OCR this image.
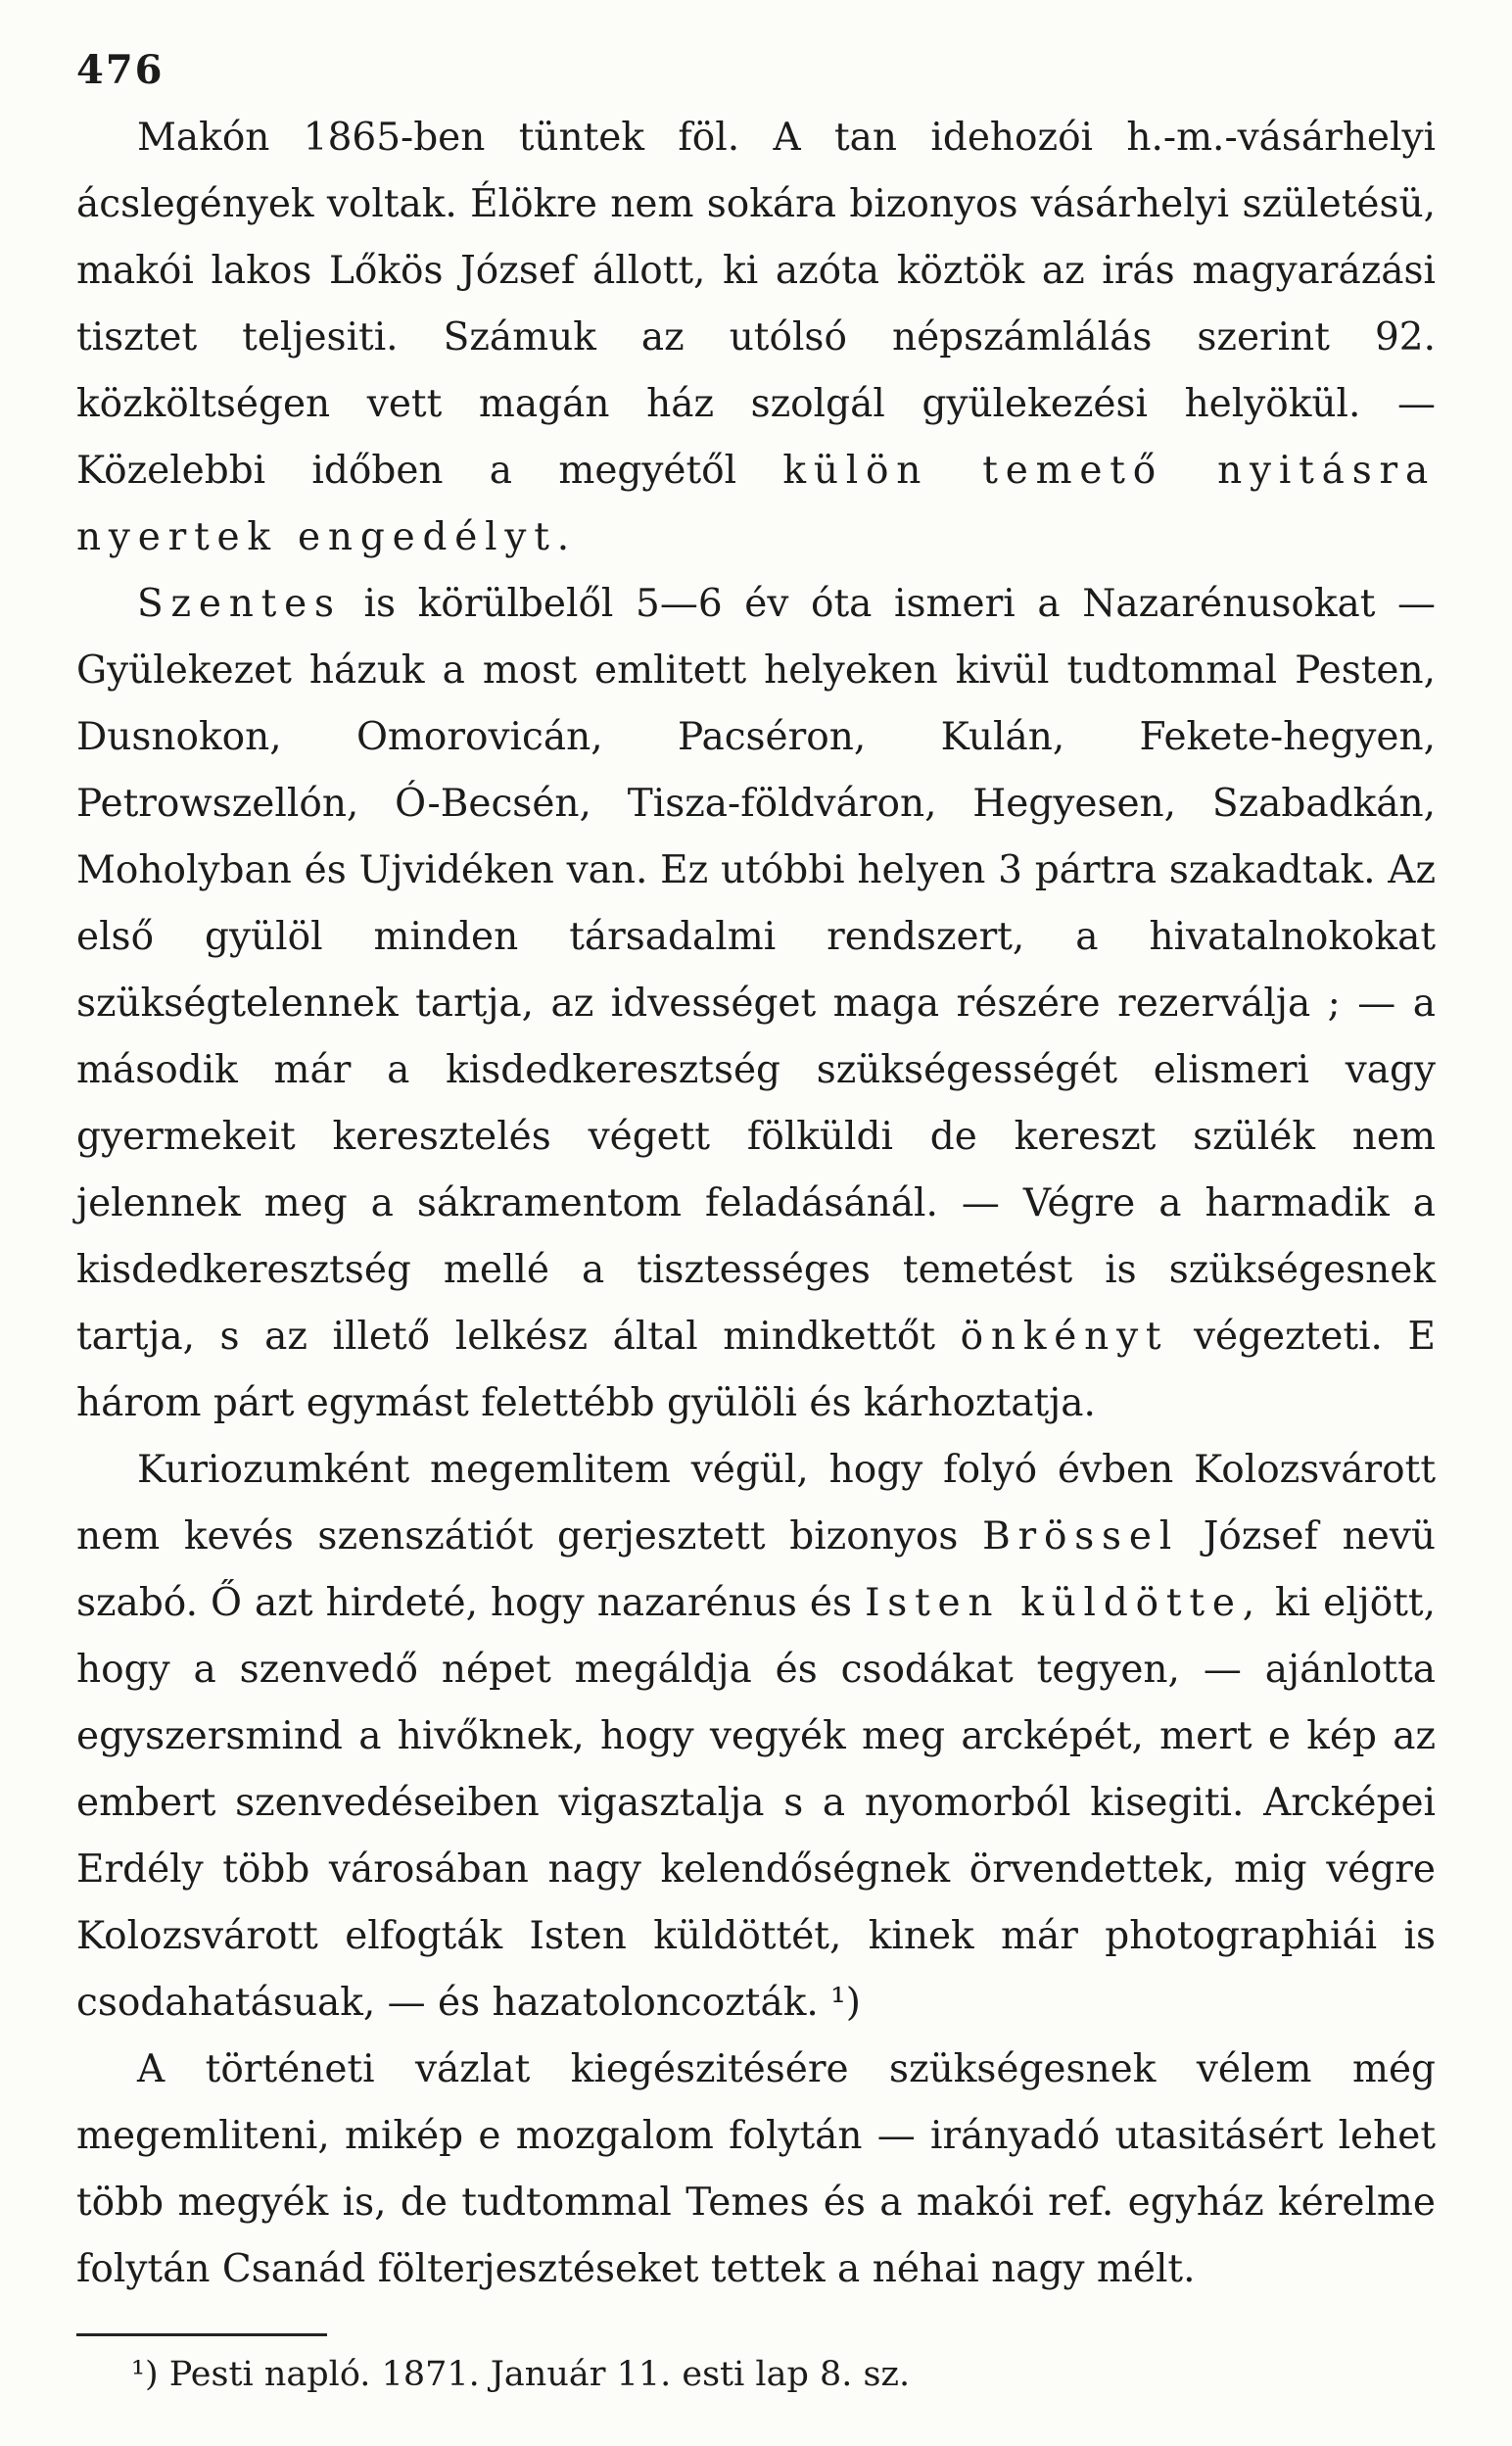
476

Makón 1865-ben tüntek föl. A tan idehozói h.-m.-vásárhelyi ácslegények voltak. Élökre nem sokára bizonyos vásárhelyi születésü, makói lakos Lőkös József állott, ki azóta köztök az irás magyarázási tisztet teljesiti. Számuk az utólsó népszámlálás szerint 92. közköltségen vett magán ház szolgál gyülekezési helyökül. — Közelebbi időben a megyétől külön temető nyitásra nyertek engedélyt.

Szentes is körülbelől 5—6 év óta ismeri a Nazarénusokat — Gyülekezet házuk a most emlitett helyeken kivül tudtommal Pesten, Dusnokon, Omorovicán, Pacséron, Kulán, Fekete-hegyen, Petrowszellón, Ó-Becsén, Tisza-földváron, Hegyesen, Szabadkán, Moholyban és Ujvidéken van. Ez utóbbi helyen 3 pártra szakadtak. Az első gyülöl minden társadalmi rendszert, a hivatalnokokat szükségtelennek tartja, az idvességet maga részére rezerválja ; — a második már a kisdedkeresztség szükségességét elismeri vagy gyermekeit keresztelés végett fölküldi de kereszt szülék nem jelennek meg a sákramentom feladásánál. — Végre a harmadik a kisdedkeresztség mellé a tisztességes temetést is szükségesnek tartja, s az illető lelkész által mindkettőt önkényt végezteti. E három párt egymást felettébb gyülöli és kárhoztatja.

Kuriozumként megemlitem végül, hogy folyó évben Kolozsvárott nem kevés szenszátiót gerjesztett bizonyos Brössel József nevü szabó. Ő azt hirdeté, hogy nazarénus és Isten küldötte, ki eljött, hogy a szenvedő népet megáldja és csodákat tegyen, — ajánlotta egyszersmind a hivőknek, hogy vegyék meg arcképét, mert e kép az embert szenvedéseiben vigasztalja s a nyomorból kisegiti. Arcképei Erdély több városában nagy kelendőségnek örvendettek, mig végre Kolozsvárott elfogták Isten küldöttét, kinek már photographiái is csodahatásuak, — és hazatoloncozták. ¹)

A történeti vázlat kiegészitésére szükségesnek vélem még megemliteni, mikép e mozgalom folytán — irányadó utasitásért lehet több megyék is, de tudtommal Temes és a makói ref. egyház kérelme folytán Csanád fölterjesztéseket tettek a néhai nagy mélt.

¹) Pesti napló. 1871. Január 11. esti lap 8. sz.
